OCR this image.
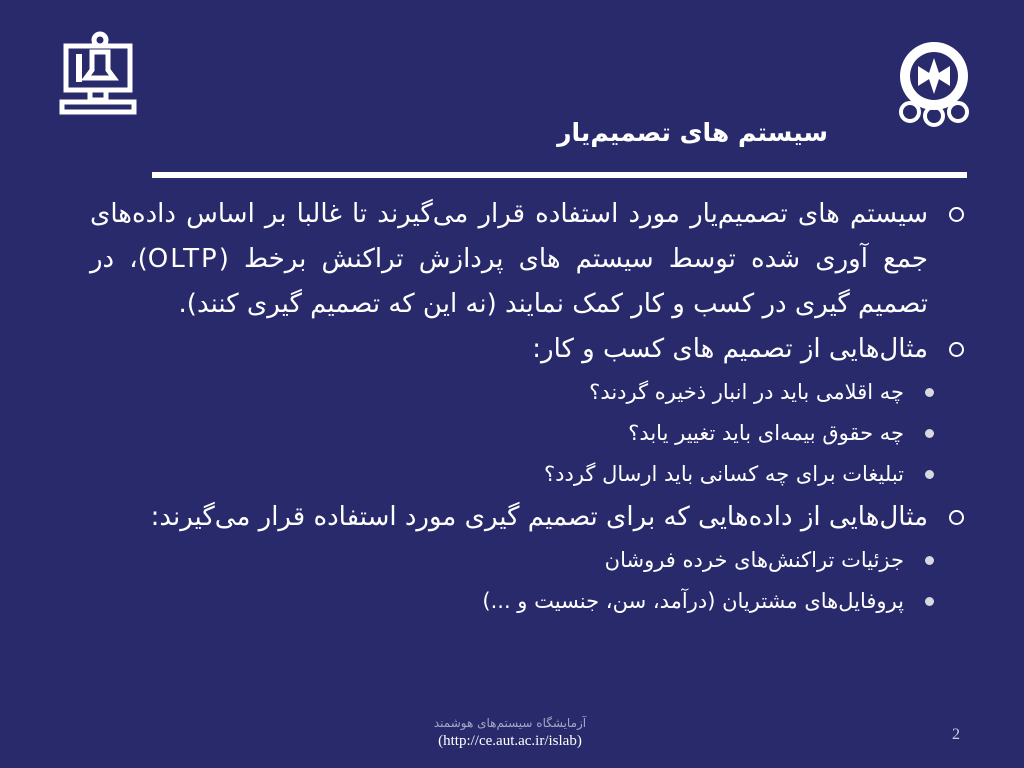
سیستم های تصمیم‌یار
سیستم های تصمیم‌یار مورد استفاده قرار می‌گیرند تا غالبا بر اساس داده‌های جمع آوری شده توسط سیستم های پردازش تراکنش برخط (OLTP)، در تصمیم گیری در کسب و کار کمک نمایند (نه این که تصمیم گیری کنند).
مثال‌هایی از تصمیم های کسب و کار:
چه اقلامی باید در انبار ذخیره گردند؟
چه حقوق بیمه‌ای باید تغییر یابد؟
تبلیغات برای چه کسانی باید ارسال گردد؟
مثال‌هایی از داده‌هایی که برای تصمیم گیری مورد استفاده قرار می‌گیرند:
جزئیات تراکنش‌های خرده فروشان
پروفایل‌های مشتریان (درآمد، سن، جنسیت و ...)
آزمایشگاه سیستم‌های هوشمند
(http://ce.aut.ac.ir/islab)	2
